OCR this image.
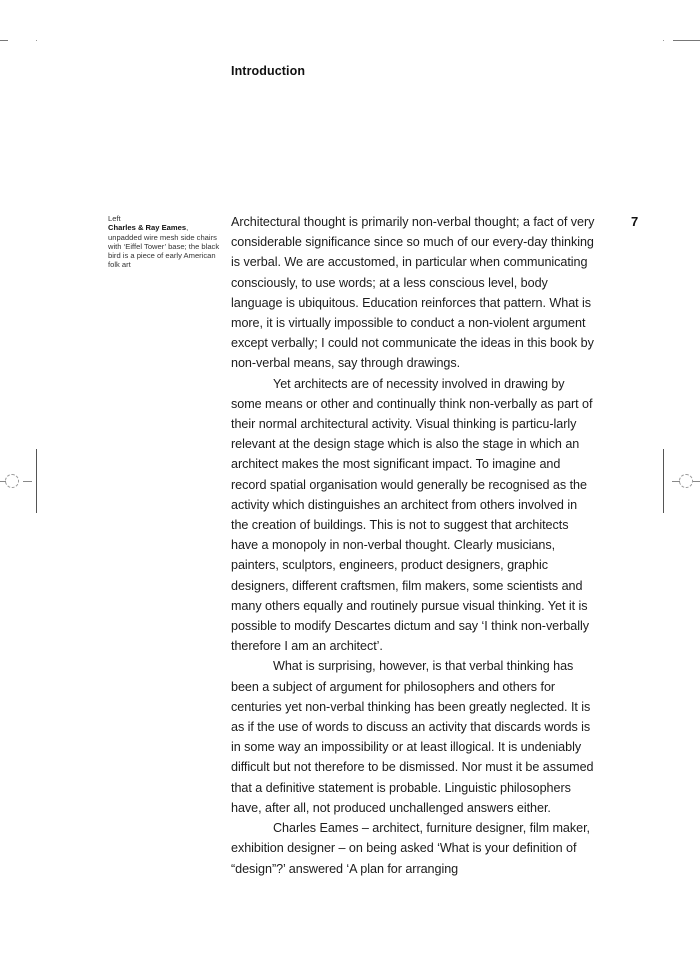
Introduction
7
Left
Charles & Ray Eames, unpadded wire mesh side chairs with ‘Eiffel Tower’ base; the black bird is a piece of early American folk art

Architectural thought is primarily non-verbal thought; a fact of very considerable significance since so much of our every-day thinking is verbal. We are accustomed, in particular when communicating consciously, to use words; at a less conscious level, body language is ubiquitous. Education reinforces that pattern. What is more, it is virtually impossible to conduct a non-violent argument except verbally; I could not communicate the ideas in this book by non-verbal means, say through drawings.

Yet architects are of necessity involved in drawing by some means or other and continually think non-verbally as part of their normal architectural activity. Visual thinking is particu-larly relevant at the design stage which is also the stage in which an architect makes the most significant impact. To imagine and record spatial organisation would generally be recognised as the activity which distinguishes an architect from others involved in the creation of buildings. This is not to suggest that architects have a monopoly in non-verbal thought. Clearly musicians, painters, sculptors, engineers, product designers, graphic designers, different craftsmen, film makers, some scientists and many others equally and routinely pursue visual thinking. Yet it is possible to modify Descartes dictum and say ‘I think non-verbally therefore I am an architect’.

What is surprising, however, is that verbal thinking has been a subject of argument for philosophers and others for centuries yet non-verbal thinking has been greatly neglected. It is as if the use of words to discuss an activity that discards words is in some way an impossibility or at least illogical. It is undeniably difficult but not therefore to be dismissed. Nor must it be assumed that a definitive statement is probable. Linguistic philosophers have, after all, not produced unchallenged answers either.

Charles Eames – architect, furniture designer, film maker, exhibition designer – on being asked ‘What is your definition of “design”?’ answered ‘A plan for arranging
